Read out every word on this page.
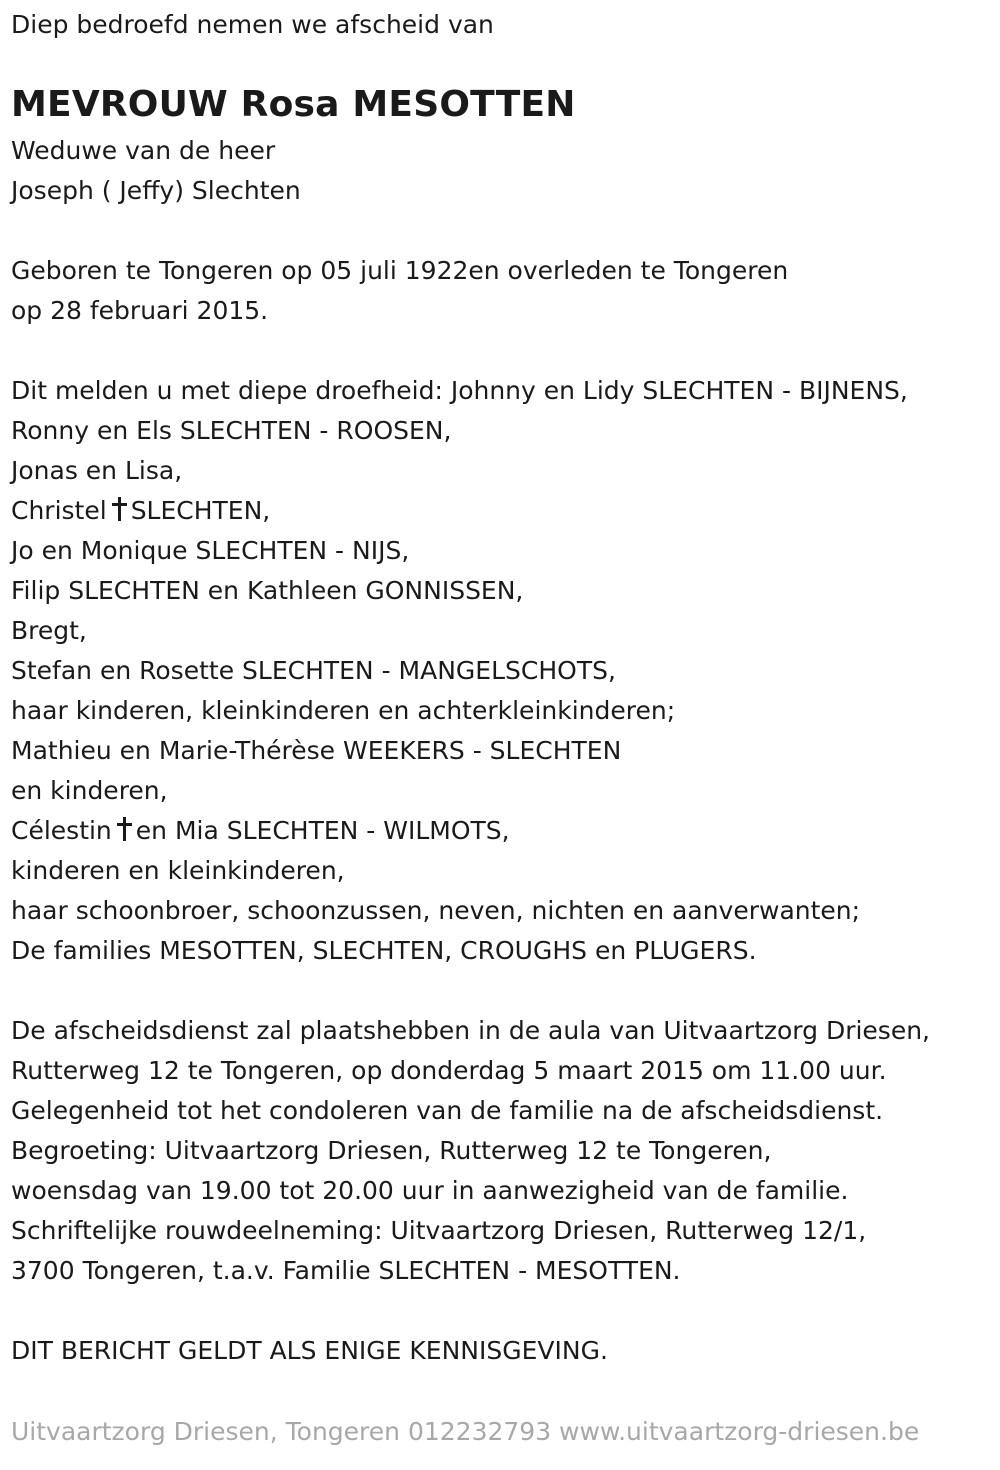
Diep bedroefd nemen we afscheid van
MEVROUW Rosa MESOTTEN
Weduwe van de heer
Joseph ( Jeffy) Slechten
Geboren te Tongeren op 05 juli 1922en overleden te Tongeren
op 28 februari 2015.
Dit melden u met diepe droefheid: Johnny en Lidy SLECHTEN - BIJNENS,
Ronny en Els SLECHTEN - ROOSEN,
Jonas en Lisa,
Christel SLECHTEN,
Jo en Monique SLECHTEN - NIJS,
Filip SLECHTEN en Kathleen GONNISSEN,
Bregt,
Stefan en Rosette SLECHTEN - MANGELSCHOTS,
haar kinderen, kleinkinderen en achterkleinkinderen;
Mathieu en Marie-Thérèse WEEKERS - SLECHTEN
en kinderen,
Célestin en Mia SLECHTEN - WILMOTS,
kinderen en kleinkinderen,
haar schoonbroer, schoonzussen, neven, nichten en aanverwanten;
De families MESOTTEN, SLECHTEN, CROUGHS en PLUGERS.
De afscheidsdienst zal plaatshebben in de aula van Uitvaartzorg Driesen,
Rutterweg 12 te Tongeren, op donderdag 5 maart 2015 om 11.00 uur.
Gelegenheid tot het condoleren van de familie na de afscheidsdienst.
Begroeting: Uitvaartzorg Driesen, Rutterweg 12 te Tongeren,
woensdag van 19.00 tot 20.00 uur in aanwezigheid van de familie.
Schriftelijke rouwdeelneming: Uitvaartzorg Driesen, Rutterweg 12/1,
3700 Tongeren, t.a.v. Familie SLECHTEN - MESOTTEN.
DIT BERICHT GELDT ALS ENIGE KENNISGEVING.
Uitvaartzorg Driesen, Tongeren 012232793 www.uitvaartzorg-driesen.be
